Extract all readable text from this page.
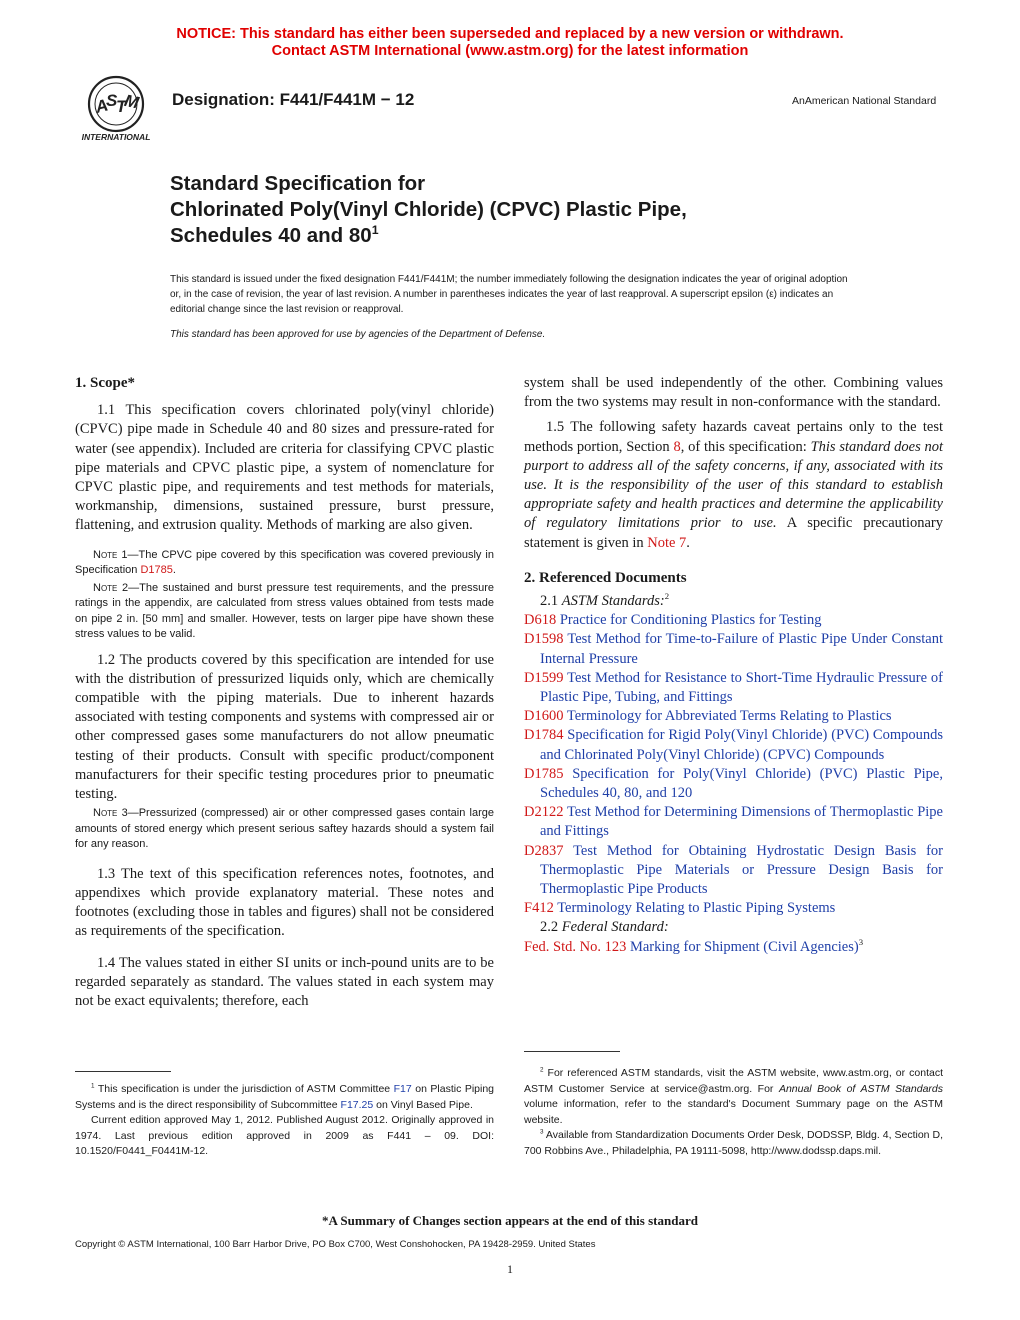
NOTICE: This standard has either been superseded and replaced by a new version or withdrawn.
Contact ASTM International (www.astm.org) for the latest information
A
S
T
M
INTERNATIONAL
Designation: F441/F441M − 12	AnAmerican National Standard
Standard Specification for
Chlorinated Poly(Vinyl Chloride) (CPVC) Plastic Pipe,
Schedules 40 and $80^1$
This standard is issued under the fixed designation F441/F441M; the number immediately following the designation indicates the year of original adoption or, in the case of revision, the year of last revision. A number in parentheses indicates the year of last reapproval. A superscript epsilon (ε) indicates an editorial change since the last revision or reapproval.
This standard has been approved for use by agencies of the Department of Defense.

1. Scope*

1.1 This specification covers chlorinated poly(vinyl chloride) (CPVC) pipe made in Schedule 40 and 80 sizes and pressure-rated for water (see appendix). Included are criteria for classifying CPVC plastic pipe materials and CPVC plastic pipe, a system of nomenclature for CPVC plastic pipe, and requirements and test methods for materials, workmanship, dimensions, sustained pressure, burst pressure, flattening, and extrusion quality. Methods of marking are also given.

Note 1—The CPVC pipe covered by this specification was covered previously in Specification D1785.

Note 2—The sustained and burst pressure test requirements, and the pressure ratings in the appendix, are calculated from stress values obtained from tests made on pipe 2 in. [50 mm] and smaller. However, tests on larger pipe have shown these stress values to be valid.

1.2 The products covered by this specification are intended for use with the distribution of pressurized liquids only, which are chemically compatible with the piping materials. Due to inherent hazards associated with testing components and systems with compressed air or other compressed gases some manufacturers do not allow pneumatic testing of their products. Consult with specific product/component manufacturers for their specific testing procedures prior to pneumatic testing.

Note 3—Pressurized (compressed) air or other compressed gases contain large amounts of stored energy which present serious saftey hazards should a system fail for any reason.

1.3 The text of this specification references notes, footnotes, and appendixes which provide explanatory material. These notes and footnotes (excluding those in tables and figures) shall not be considered as requirements of the specification.

1.4 The values stated in either SI units or inch-pound units are to be regarded separately as standard. The values stated in each system may not be exact equivalents; therefore, each

$^1$ This specification is under the jurisdiction of ASTM Committee F17 on Plastic Piping Systems and is the direct responsibility of Subcommittee F17.25 on Vinyl Based Pipe.
Current edition approved May 1, 2012. Published August 2012. Originally approved in 1974. Last previous edition approved in 2009 as F441 – 09. DOI: 10.1520/F0441_F0441M-12.

system shall be used independently of the other. Combining values from the two systems may result in non-conformance with the standard.

1.5 The following safety hazards caveat pertains only to the test methods portion, Section 8, of this specification: This standard does not purport to address all of the safety concerns, if any, associated with its use. It is the responsibility of the user of this standard to establish appropriate safety and health practices and determine the applicability of regulatory limitations prior to use. A specific precautionary statement is given in Note 7.

2. Referenced Documents

2.1 ASTM Standards:$^2$

D618 Practice for Conditioning Plastics for Testing
D1598 Test Method for Time-to-Failure of Plastic Pipe Under Constant Internal Pressure
D1599 Test Method for Resistance to Short-Time Hydraulic Pressure of Plastic Pipe, Tubing, and Fittings
D1600 Terminology for Abbreviated Terms Relating to Plastics
D1784 Specification for Rigid Poly(Vinyl Chloride) (PVC) Compounds and Chlorinated Poly(Vinyl Chloride) (CPVC) Compounds
D1785 Specification for Poly(Vinyl Chloride) (PVC) Plastic Pipe, Schedules 40, 80, and 120
D2122 Test Method for Determining Dimensions of Thermoplastic Pipe and Fittings
D2837 Test Method for Obtaining Hydrostatic Design Basis for Thermoplastic Pipe Materials or Pressure Design Basis for Thermoplastic Pipe Products
F412 Terminology Relating to Plastic Piping Systems

2.2 Federal Standard:

Fed. Std. No. 123 Marking for Shipment (Civil Agencies)$^3$
$^2$ For referenced ASTM standards, visit the ASTM website, www.astm.org, or contact ASTM Customer Service at service@astm.org. For Annual Book of ASTM Standards volume information, refer to the standard's Document Summary page on the ASTM website.
$^3$ Available from Standardization Documents Order Desk, DODSSP, Bldg. 4, Section D, 700 Robbins Ave., Philadelphia, PA 19111-5098, http://www.dodssp.daps.mil.
*A Summary of Changes section appears at the end of this standard
Copyright © ASTM International, 100 Barr Harbor Drive, PO Box C700, West Conshohocken, PA 19428-2959. United States
1
